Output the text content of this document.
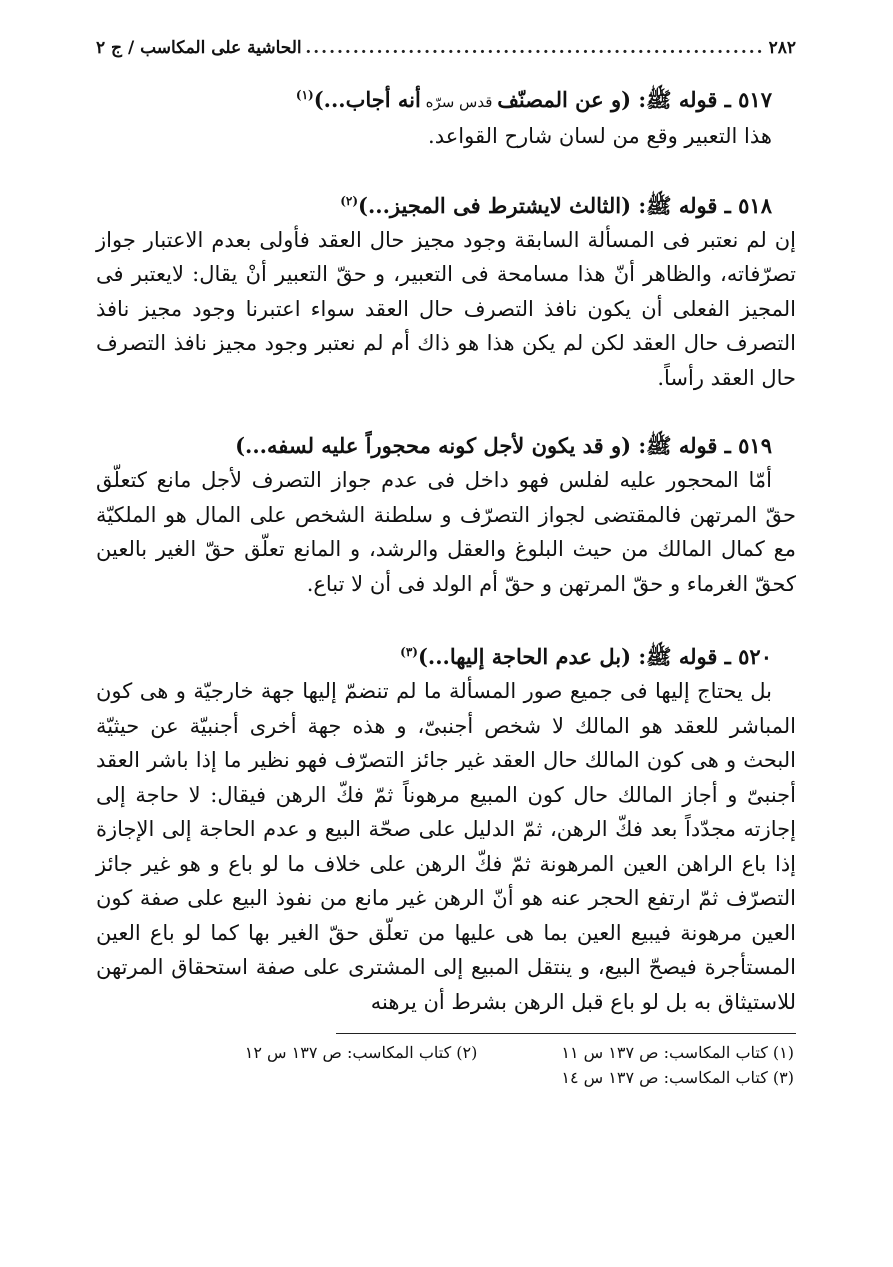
٢٨٢
.....
الحاشية على المكاسب / ج ٢

٥١٧ ـ قوله ﷺ: (و عن المصنّف قدس سرّه أنه أجاب...)$^{(١)}$

هذا التعبير وقع من لسان شارح القواعد.

٥١٨ ـ قوله ﷺ: (الثالث لايشترط فى المجيز...)$^{(٢)}$

إن لم نعتبر فى المسألة السابقة وجود مجيز حال العقد فأولى بعدم الاعتبار جواز تصرّفاته، والظاهر أنّ هذا مسامحة فى التعبير، و حقّ التعبير أنْ يقال: لايعتبر فى المجيز الفعلى أن يكون نافذ التصرف حال العقد سواء اعتبرنا وجود مجيز نافذ التصرف حال العقد لكن لم يكن هذا هو ذاك أم لم نعتبر وجود مجيز نافذ التصرف حال العقد رأساً.

٥١٩ ـ قوله ﷺ: (و قد يكون لأجل كونه محجوراً عليه لسفه...)

أمّا المحجور عليه لفلس فهو داخل فى عدم جواز التصرف لأجل مانع كتعلّق حقّ المرتهن فالمقتضى لجواز التصرّف و سلطنة الشخص على المال هو الملكيّة مع كمال المالك من حيث البلوغ والعقل والرشد، و المانع تعلّق حقّ الغير بالعين كحقّ الغرماء و حقّ المرتهن و حقّ أم الولد فى أن لا تباع.

٥٢٠ ـ قوله ﷺ: (بل عدم الحاجة إليها...)$^{(٣)}$

بل يحتاج إليها فى جميع صور المسألة ما لم تنضمّ إليها جهة خارجيّة و هى كون المباشر للعقد هو المالك لا شخص أجنبىّ، و هذه جهة أخرى أجنبيّة عن حيثيّة البحث و هى كون المالك حال العقد غير جائز التصرّف فهو نظير ما إذا باشر العقد أجنبىّ و أجاز المالك حال كون المبيع مرهوناً ثمّ فكّ الرهن فيقال: لا حاجة إلى إجازته مجدّداً بعد فكّ الرهن، ثمّ الدليل على صحّة البيع و عدم الحاجة إلى الإجازة إذا باع الراهن العين المرهونة ثمّ فكّ الرهن على خلاف ما لو باع و هو غير جائز التصرّف ثمّ ارتفع الحجر عنه هو أنّ الرهن غير مانع من نفوذ البيع على صفة كون العين مرهونة فيبيع العين بما هى عليها من تعلّق حقّ الغير بها كما لو باع العين المستأجرة فيصحّ البيع، و ينتقل المبيع إلى المشترى على صفة استحقاق المرتهن للاستيثاق به بل لو باع قبل الرهن بشرط أن يرهنه

(١) كتاب المكاسب: ص ١٣٧ س ١١
(٢) كتاب المكاسب: ص ١٣٧ س ١٢
(٣) كتاب المكاسب: ص ١٣٧ س ١٤
